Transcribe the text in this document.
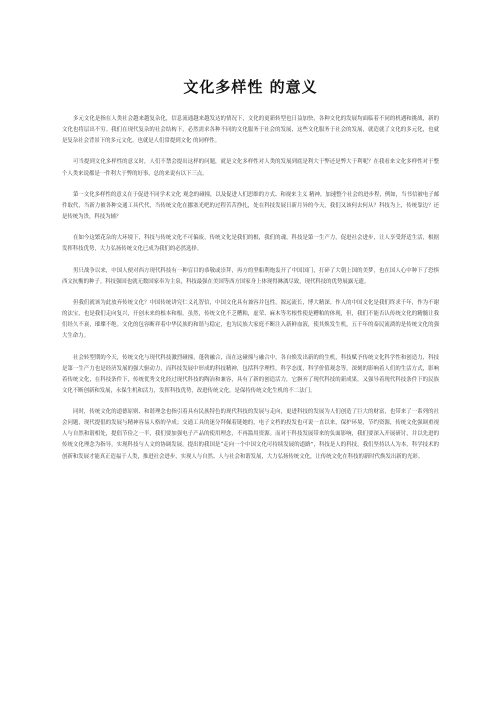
文化多样性 的意义

多元文化是指在人类社会越来越复杂化，信息流通越来越发达的情况下，文化的更新转型也日益加快，各种文化的发展均面临着不同的机遇和挑战，新的文化也将层出不穷。我们在现代复杂的社会结构下，必然需求各种不同的文化服务于社会的发展，这些文化服务于社会的发展，就造就了文化的多元化，也就是复杂社会背景下的多元文化。也就是人们常提到文化 的同样性。

可当提到文化多样性的意义时，人们不禁会提出这样的问题，就是文化多样性对人类的发展到底是利大于弊还是弊大于利呢？在我看来文化多样性对于整个人类来说都是一件利大于弊的好事，总的来说有以下三点。

第一文化多样性的意义在于促进不同学术文化 观念的碰撞，以及促进人们思维的方式、和视来主义 精神，加速整个社会的进步程，例如，当书信被电子邮件取代，当新力被各种交通工具代代，当传统文化在挪塞光吧的过程苦苦挣扎，处在科技发展日新月异的今天，我们又该何去何从？科技为上，传统靠边？还是传统为贵，科技为辅？

在如今这繁花杂的大环境下，科技与传统文化不可偏废，传统文化是我们的根，我们的魂，科技是第一生产力，促进社会进步，让人享受舒适生活，根据发挥科技优势，大力弘扬传统文化已成为我们的必然选择。

男只战争以来，中国人便对西方现代科技有一种盲目的恭敬或崇拜，再方的坚船利炮轰开了中国国门，打碎了大朝上国的美梦，也在国人心中种下了恐惧西文抗衡的种子。科技强国也就无数国家奉为主泉，科技最强在美国等西方国家身上体现得淋漓尽致，现代科技的优势展露无遗。

但我们就该为此放弃传统文化？中国传统讲究仁义礼智信，中国文化具有兼容并包性，源远流长，博大精深。作人的中国文化是我们终求千年，作为不谢的法宝，也是我们走向复兴，开创未来的根本和根。虽然，传统文化不乏糟粕，虚荣、麻木等劣根性使是糟粕的体现，但，我们不能否认传统文化的精髓让我们经久不衰，璀璨不绝。文化的包容断祥着中华民族的和谐与稳定，也为民族大家庭不断注入新鲜血液，使其焕发生机，五千年的泰民流淌的是传统文化的强大生命力。

社会转型期的今天，传统文化与现代科技激烈碰撞，蓬勃融合，而在这碰撞与融合中，各自焕发出新的的生机，科技赋予传统文化科学性和创造力，科技是第一生产力也是经济发展的强大驱动力，而科技发展中形成的科技精神，包括科学理性，科学态度，科学价值观念等，深刻的影响着人们的生活方式，影响着传统文化，在科技条件下，传统优秀文化经过现代科技的陶冶和兼容，具有了新的创造活力，它摒弃了现代科技的新成果，又强导着现代科技条件下的民族文化不断创新和发展，永保生机和活力，发挥科技优势，改进传统文化，是保持传统文化生机的不二法门。

同时，传统文化的道德原则、和谐理念也指引着具有民族特色的现代科技的发展与走向，更进科技的发展为人们创造了巨大的财富，也带来了一系列的社会问题，现代提倡的发展与精神容易人格的孕成；交通工具的迷分拜佩着链她的，电子文档的投发也可说一直以来，保护环境，节约资源，传统文化强调重视人与自然和谐相处，提倡节俭之一半，我们要加强电子产品的使用理念，不再滥用资源。而对于科技发展带来的负面影响，我们要深入开展研讨，并以先进的传统文化理念为指导，实现科技与人文的协调发展。提出的我国是“走向一个中国文化可持续发展的道路”，科技是人的科技，我们坚持以人为本，科学技术的创新和发展才能真正造福于人类，推进社会进步，实现人与自然、人与社会和谐发展，大力弘扬传统文化，让传统文化在科技的新时代焕发出新的光彩。
